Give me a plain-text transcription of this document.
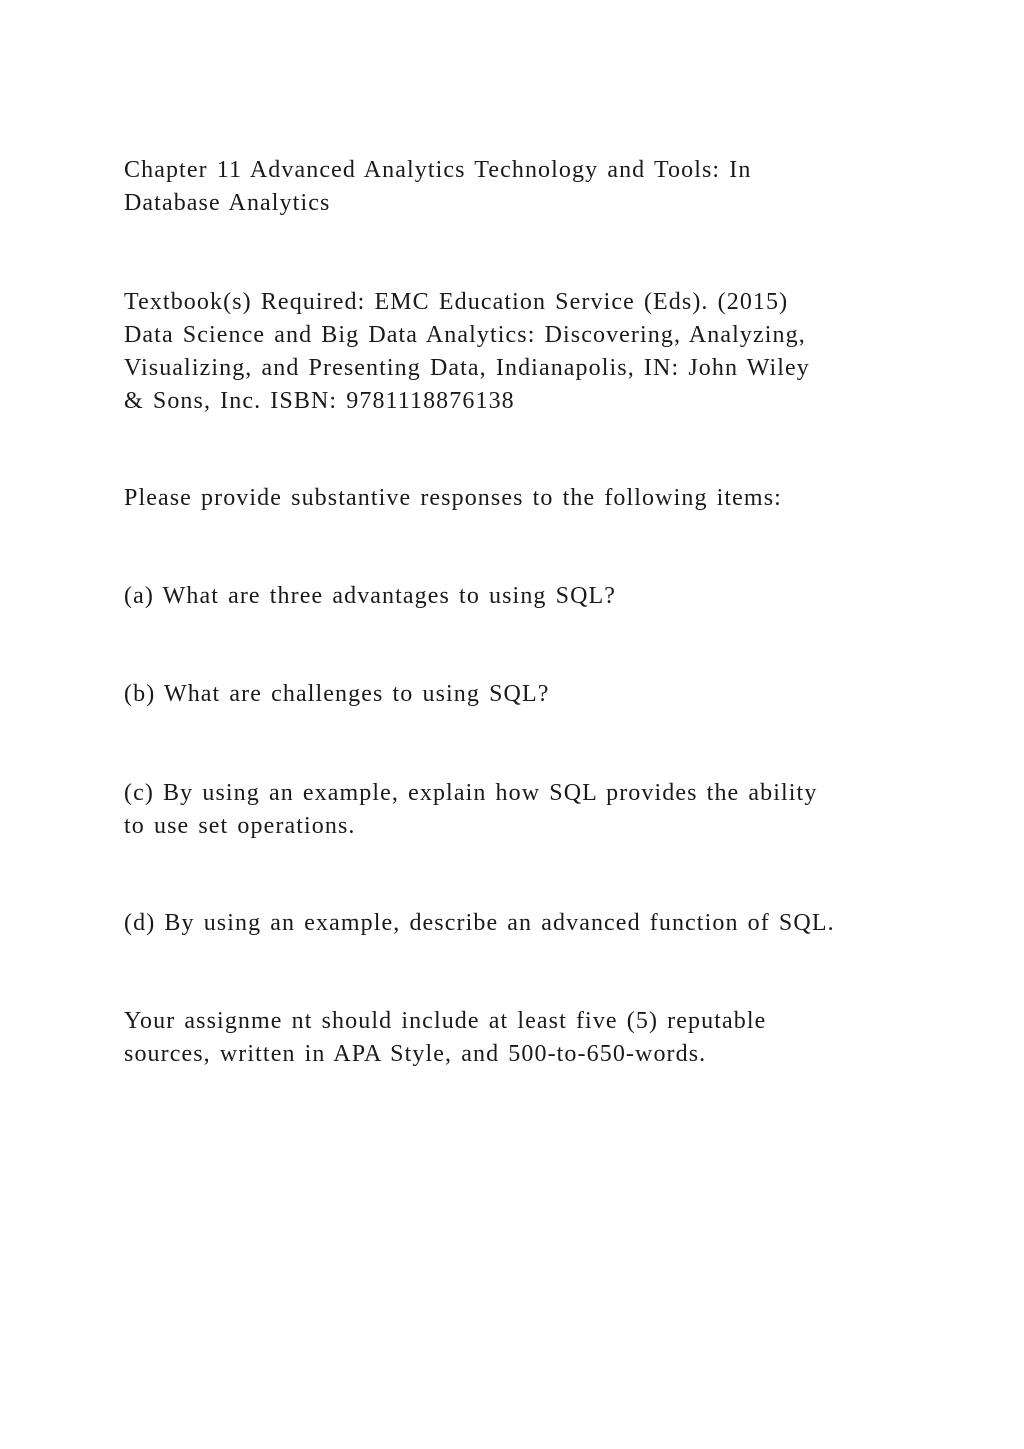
Chapter 11 Advanced Analytics Technology and Tools: In
Database Analytics

Textbook(s) Required: EMC Education Service (Eds). (2015)
Data Science and Big Data Analytics: Discovering, Analyzing,
Visualizing, and Presenting Data, Indianapolis, IN: John Wiley
& Sons, Inc. ISBN: 9781118876138

Please provide substantive responses to the following items:

(a) What are three advantages to using SQL?

(b) What are challenges to using SQL?

(c) By using an example, explain how SQL provides the ability
to use set operations.

(d) By using an example, describe an advanced function of SQL.

Your assignme nt should include at least five (5) reputable
sources, written in APA Style, and 500-to-650-words.
